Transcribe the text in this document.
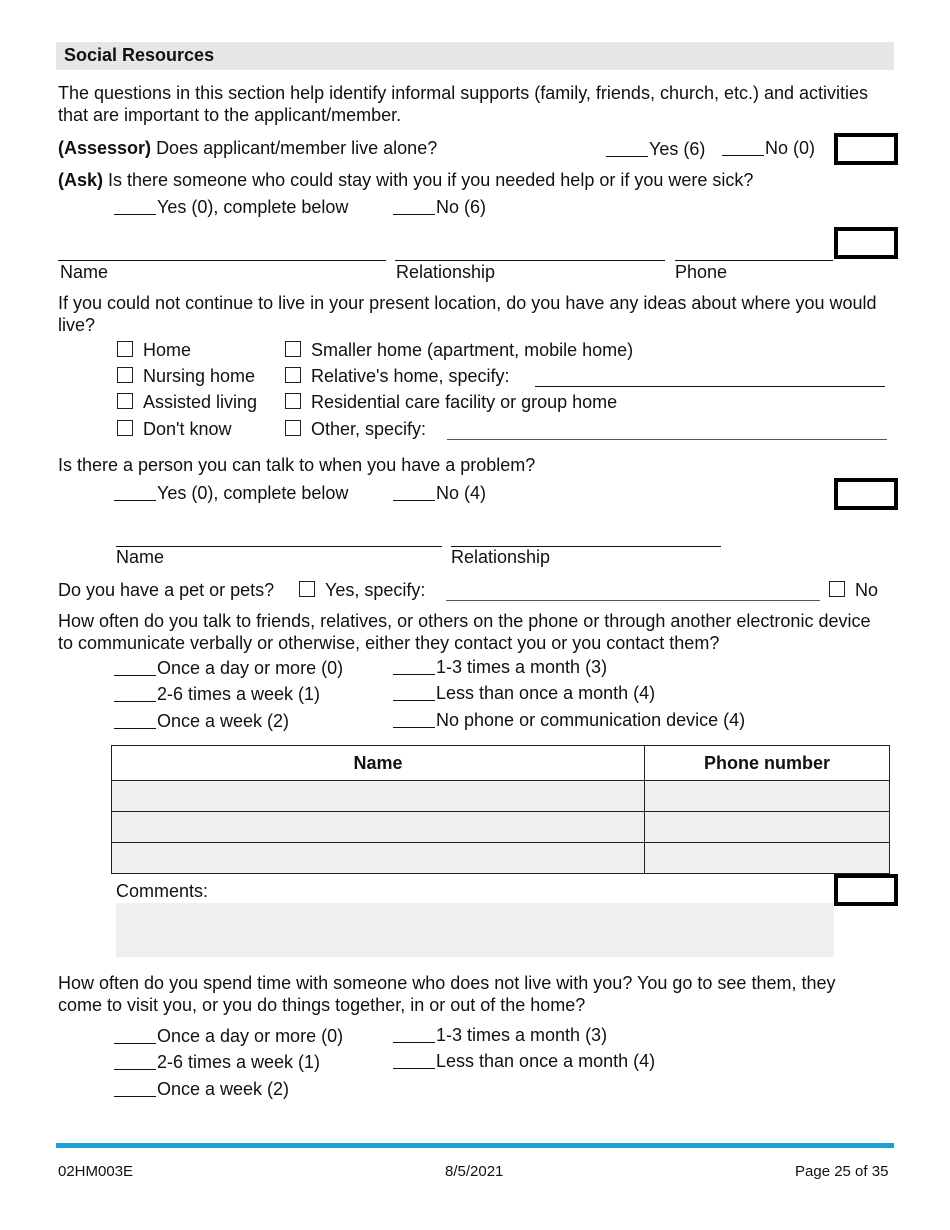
Social Resources
The questions in this section help identify informal supports (family, friends, church, etc.) and activities that are important to the applicant/member.
(Assessor) Does applicant/member live alone?	Yes (6)	No (0)
(Ask) Is there someone who could stay with you if you needed help or if you were sick?
Yes (0), complete below	No (6)
Name	Relationship	Phone
If you could not continue to live in your present location, do you have any ideas about where you would live?
Home
Nursing home
Assisted living
Don't know
Smaller home (apartment, mobile home)
Relative's home, specify:
Residential care facility or group home
Other, specify:
Is there a person you can talk to when you have a problem?
Yes (0), complete below	No (4)
Name	Relationship
Do you have a pet or pets?	Yes, specify:	No
How often do you talk to friends, relatives, or others on the phone or through another electronic device to communicate verbally or otherwise, either they contact you or you contact them?
Once a day or more (0)
2-6 times a week (1)
Once a week (2)
1-3 times a month (3)
Less than once a month (4)
No phone or communication device (4)
Name	Phone number

Comments:
How often do you spend time with someone who does not live with you? You go to see them, they come to visit you, or you do things together, in or out of the home?
Once a day or more (0)
2-6 times a week (1)
Once a week (2)
1-3 times a month (3)
Less than once a month (4)
02HM003E	8/5/2021	Page 25 of 35
